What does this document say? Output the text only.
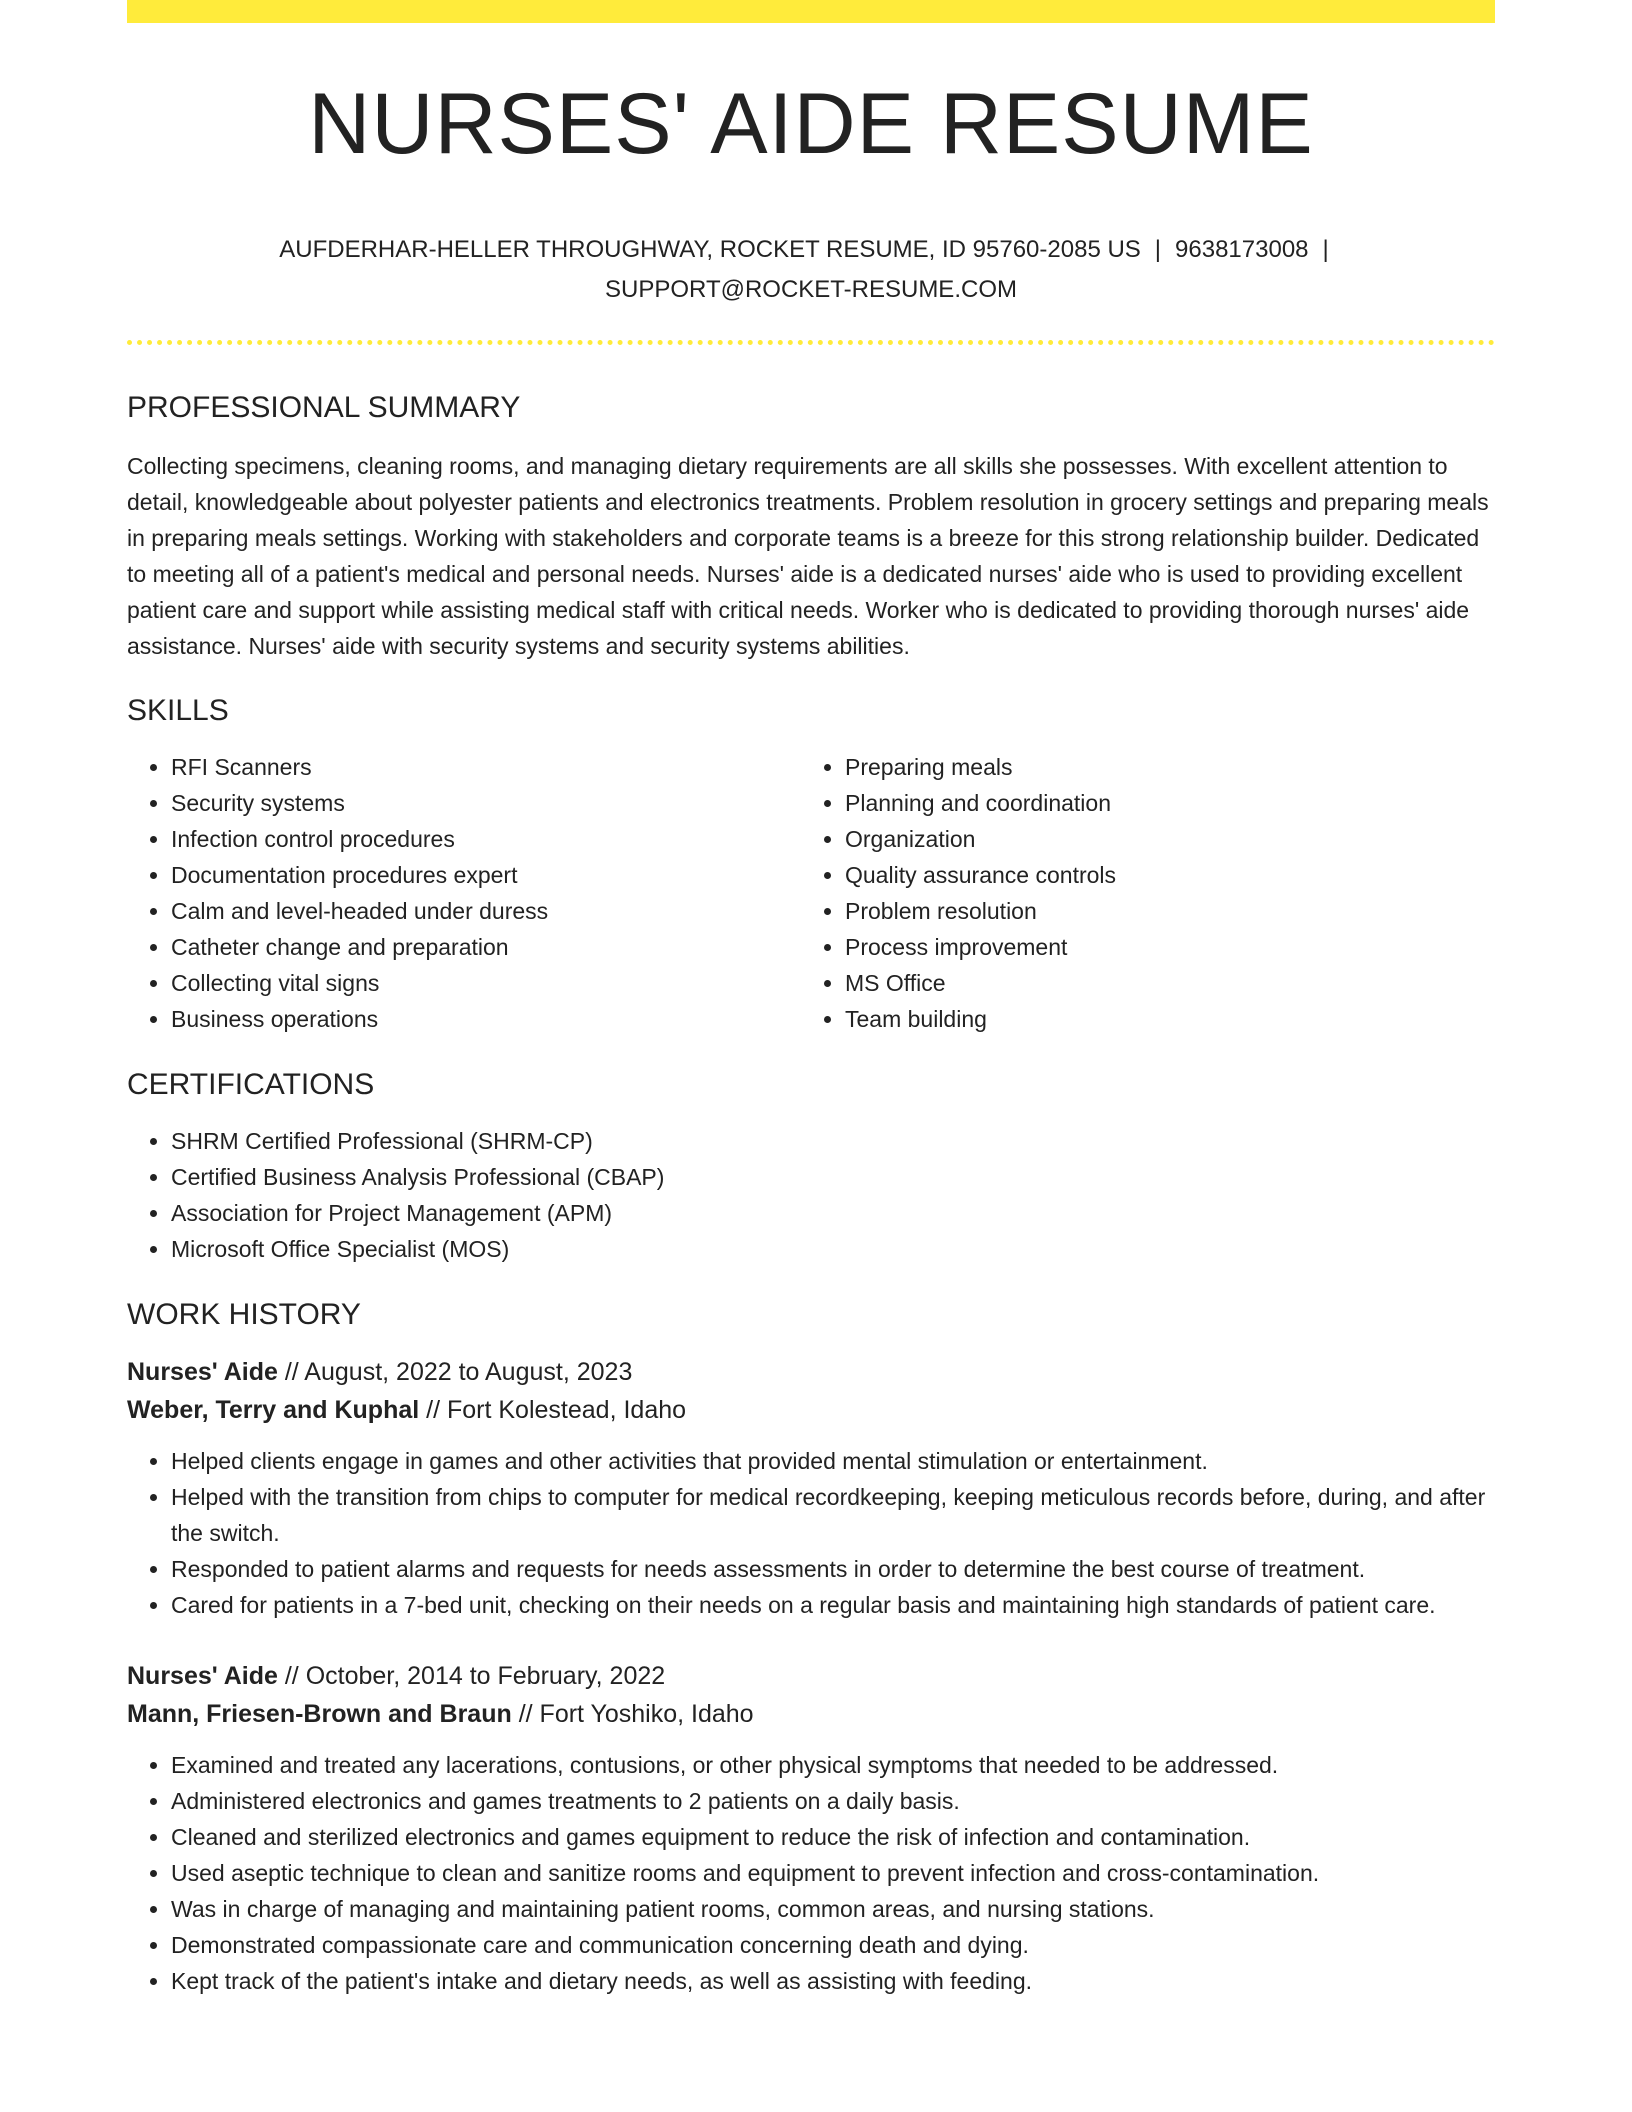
NURSES' AIDE RESUME
AUFDERHAR-HELLER THROUGHWAY, ROCKET RESUME, ID 95760-2085 US | 9638173008 |
SUPPORT@ROCKET-RESUME.COM
PROFESSIONAL SUMMARY

Collecting specimens, cleaning rooms, and managing dietary requirements are all skills she possesses. With excellent attention to detail, knowledgeable about polyester patients and electronics treatments. Problem resolution in grocery settings and preparing meals in preparing meals settings. Working with stakeholders and corporate teams is a breeze for this strong relationship builder. Dedicated to meeting all of a patient's medical and personal needs. Nurses' aide is a dedicated nurses' aide who is used to providing excellent patient care and support while assisting medical staff with critical needs. Worker who is dedicated to providing thorough nurses' aide assistance. Nurses' aide with security systems and security systems abilities.

SKILLS
• RFI Scanners
• Security systems
• Infection control procedures
• Documentation procedures expert
• Calm and level-headed under duress
• Catheter change and preparation
• Collecting vital signs
• Business operations
• Preparing meals
• Planning and coordination
• Organization
• Quality assurance controls
• Problem resolution
• Process improvement
• MS Office
• Team building
CERTIFICATIONS
• SHRM Certified Professional (SHRM-CP)
• Certified Business Analysis Professional (CBAP)
• Association for Project Management (APM)
• Microsoft Office Specialist (MOS)
WORK HISTORY
Nurses' Aide // August, 2022 to August, 2023
Weber, Terry and Kuphal // Fort Kolestead, Idaho
• Helped clients engage in games and other activities that provided mental stimulation or entertainment.
• Helped with the transition from chips to computer for medical recordkeeping, keeping meticulous records before, during, and after the switch.
• Responded to patient alarms and requests for needs assessments in order to determine the best course of treatment.
• Cared for patients in a 7-bed unit, checking on their needs on a regular basis and maintaining high standards of patient care.
Nurses' Aide // October, 2014 to February, 2022
Mann, Friesen-Brown and Braun // Fort Yoshiko, Idaho
• Examined and treated any lacerations, contusions, or other physical symptoms that needed to be addressed.
• Administered electronics and games treatments to 2 patients on a daily basis.
• Cleaned and sterilized electronics and games equipment to reduce the risk of infection and contamination.
• Used aseptic technique to clean and sanitize rooms and equipment to prevent infection and cross-contamination.
• Was in charge of managing and maintaining patient rooms, common areas, and nursing stations.
• Demonstrated compassionate care and communication concerning death and dying.
• Kept track of the patient's intake and dietary needs, as well as assisting with feeding.
